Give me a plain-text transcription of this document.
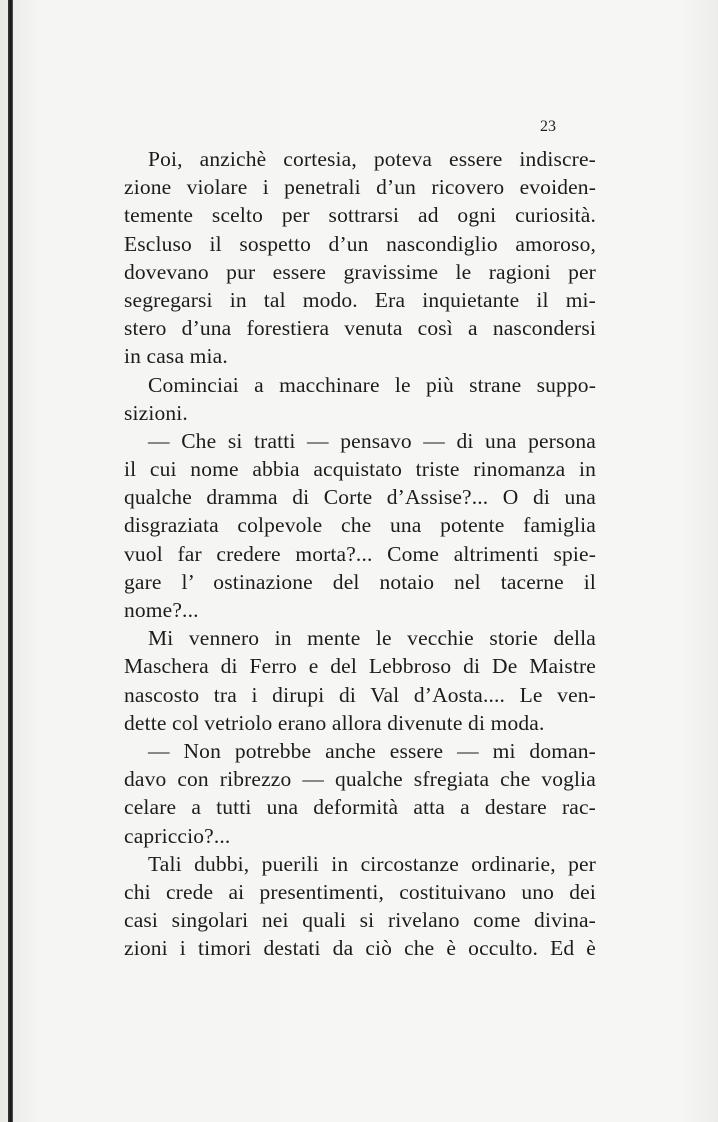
23

Poi, anzichè cortesia, poteva essere indiscre-
zione violare i penetrali d’un ricovero evoiden-
temente scelto per sottrarsi ad ogni curiosità.
Escluso il sospetto d’un nascondiglio amoroso,
dovevano pur essere gravissime le ragioni per
segregarsi in tal modo. Era inquietante il mi-
stero d’una forestiera venuta così a nascondersi
in casa mia.

Cominciai a macchinare le più strane suppo-
sizioni.

— Che si tratti — pensavo — di una persona
il cui nome abbia acquistato triste rinomanza in
qualche dramma di Corte d’Assise?... O di una
disgraziata colpevole che una potente famiglia
vuol far credere morta?... Come altrimenti spie-
gare l’ ostinazione del notaio nel tacerne il
nome?...

Mi vennero in mente le vecchie storie della
Maschera di Ferro e del Lebbroso di De Maistre
nascosto tra i dirupi di Val d’Aosta.... Le ven-
dette col vetriolo erano allora divenute di moda.

— Non potrebbe anche essere — mi doman-
davo con ribrezzo — qualche sfregiata che voglia
celare a tutti una deformità atta a destare rac-
capriccio?...

Tali dubbi, puerili in circostanze ordinarie, per
chi crede ai presentimenti, costituivano uno dei
casi singolari nei quali si rivelano come divina-
zioni i timori destati da ciò che è occulto. Ed è
